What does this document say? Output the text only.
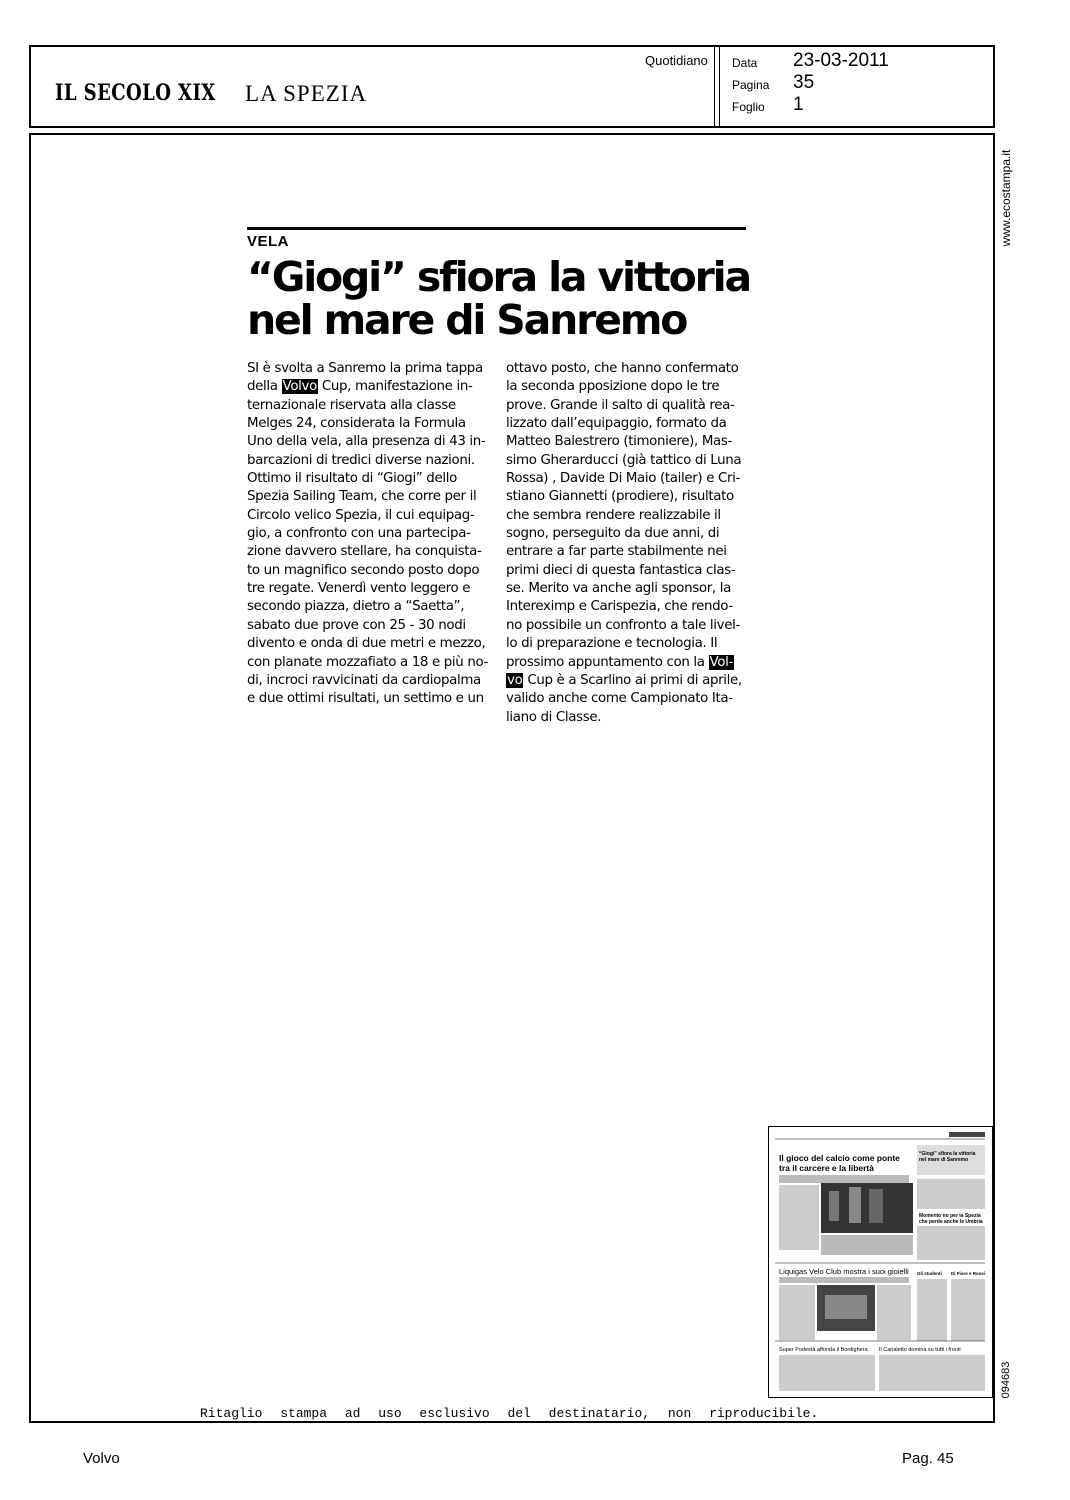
IL SECOLO XIX LA SPEZIA
Quotidiano Data 23-03-2011
Pagina 35
Foglio 1
www.ecostampa.it
094683
VELA
“Giogi” sfiora la vittoria
nel mare di Sanremo
SI è svolta a Sanremo la prima tappa
della Volvo Cup, manifestazione in-
ternazionale riservata alla classe
Melges 24, considerata la Formula
Uno della vela, alla presenza di 43 in-
barcazioni di tredici diverse nazioni.
Ottimo il risultato di “Giogi” dello
Spezia Sailing Team, che corre per il
Circolo velico Spezia, il cui equipag-
gio, a confronto con una partecipa-
zione davvero stellare, ha conquista-
to un magnifico secondo posto dopo
tre regate. Venerdì vento leggero e
secondo piazza, dietro a “Saetta”,
sabato due prove con 25 - 30 nodi
divento e onda di due metri e mezzo,
con planate mozzafiato a 18 e più no-
di, incroci ravvicinati da cardiopalma
e due ottimi risultati, un settimo e un
ottavo posto, che hanno confermato
la seconda pposizione dopo le tre
prove. Grande il salto di qualità rea-
lizzato dall’equipaggio, formato da
Matteo Balestrero (timoniere), Mas-
simo Gherarducci (già tattico di Luna
Rossa) , Davide Di Maio (tailer) e Cri-
stiano Giannetti (prodiere), risultato
che sembra rendere realizzabile il
sogno, perseguito da due anni, di
entrare a far parte stabilmente nei
primi dieci di questa fantastica clas-
se. Merito va anche agli sponsor, la
Intereximp e Carispezia, che rendo-
no possibile un confronto a tale livel-
lo di preparazione e tecnologia. Il
prossimo appuntamento con la Vol-
vo Cup è a Scarlino ai primi di aprile,
valido anche come Campionato Ita-
liano di Classe.
Il gioco del calcio come ponte
tra il carcere e la libertà
“Giogi” sfiora la vittoria
nel mare di Sanremo
Momento no per la Spezia
che perde anche le Umbria
Liquigas Velo Club mostra i suoi gioielli Gli studenti Di Fiore e Rossi
Super Podestà affonda il Bordighera Il Canaletto domina su tutti i fronti
Ritaglio stampa ad uso esclusivo del destinatario, non riproducibile.
Volvo	Pag. 45
